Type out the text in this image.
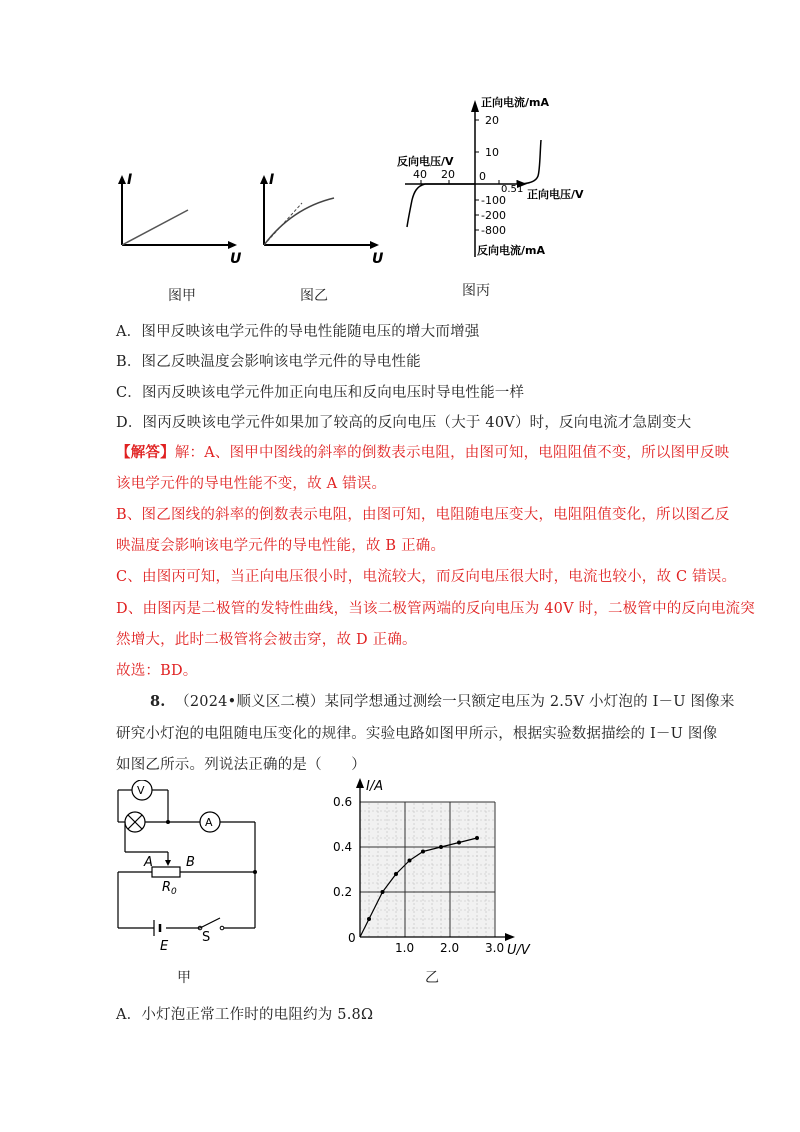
I
U
I
U
正向电流/mA
反向电压/V
正向电压/V
反向电流/mA
20
10
-100
-200
-800
40 20 0
0.5 1
图甲	图乙	图丙
A．图甲反映该电学元件的导电性能随电压的增大而增强
B．图乙反映温度会影响该电学元件的导电性能
C．图丙反映该电学元件加正向电压和反向电压时导电性能一样
D．图丙反映该电学元件如果加了较高的反向电压（大于 40V）时，反向电流才急剧变大
【解答】解：A、图甲中图线的斜率的倒数表示电阻，由图可知，电阻阻值不变，所以图甲反映
该电学元件的导电性能不变，故 A 错误。
B、图乙图线的斜率的倒数表示电阻，由图可知，电阻随电压变大，电阻阻值变化，所以图乙反
映温度会影响该电学元件的导电性能，故 B 正确。
C、由图丙可知，当正向电压很小时，电流较大，而反向电压很大时，电流也较小，故 C 错误。
D、由图丙是二极管的发特性曲线，当该二极管两端的反向电压为 40V 时，二极管中的反向电流突
然增大，此时二极管将会被击穿，故 D 正确。
故选：BD。
8. （2024•顺义区二模）某同学想通过测绘一只额定电压为 2.5V 小灯泡的 I－U 图像来
研究小灯泡的电阻随电压变化的规律。实验电路如图甲所示，根据实验数据描绘的 I－U 图像
如图乙所示。列说法正确的是（　　）
V
A
A	B
$R_0$
E
S
甲
1.0 2.0 3.0
0
0.2
0.4
0.6
I/A
U/V
乙
A．小灯泡正常工作时的电阻约为 5.8Ω
